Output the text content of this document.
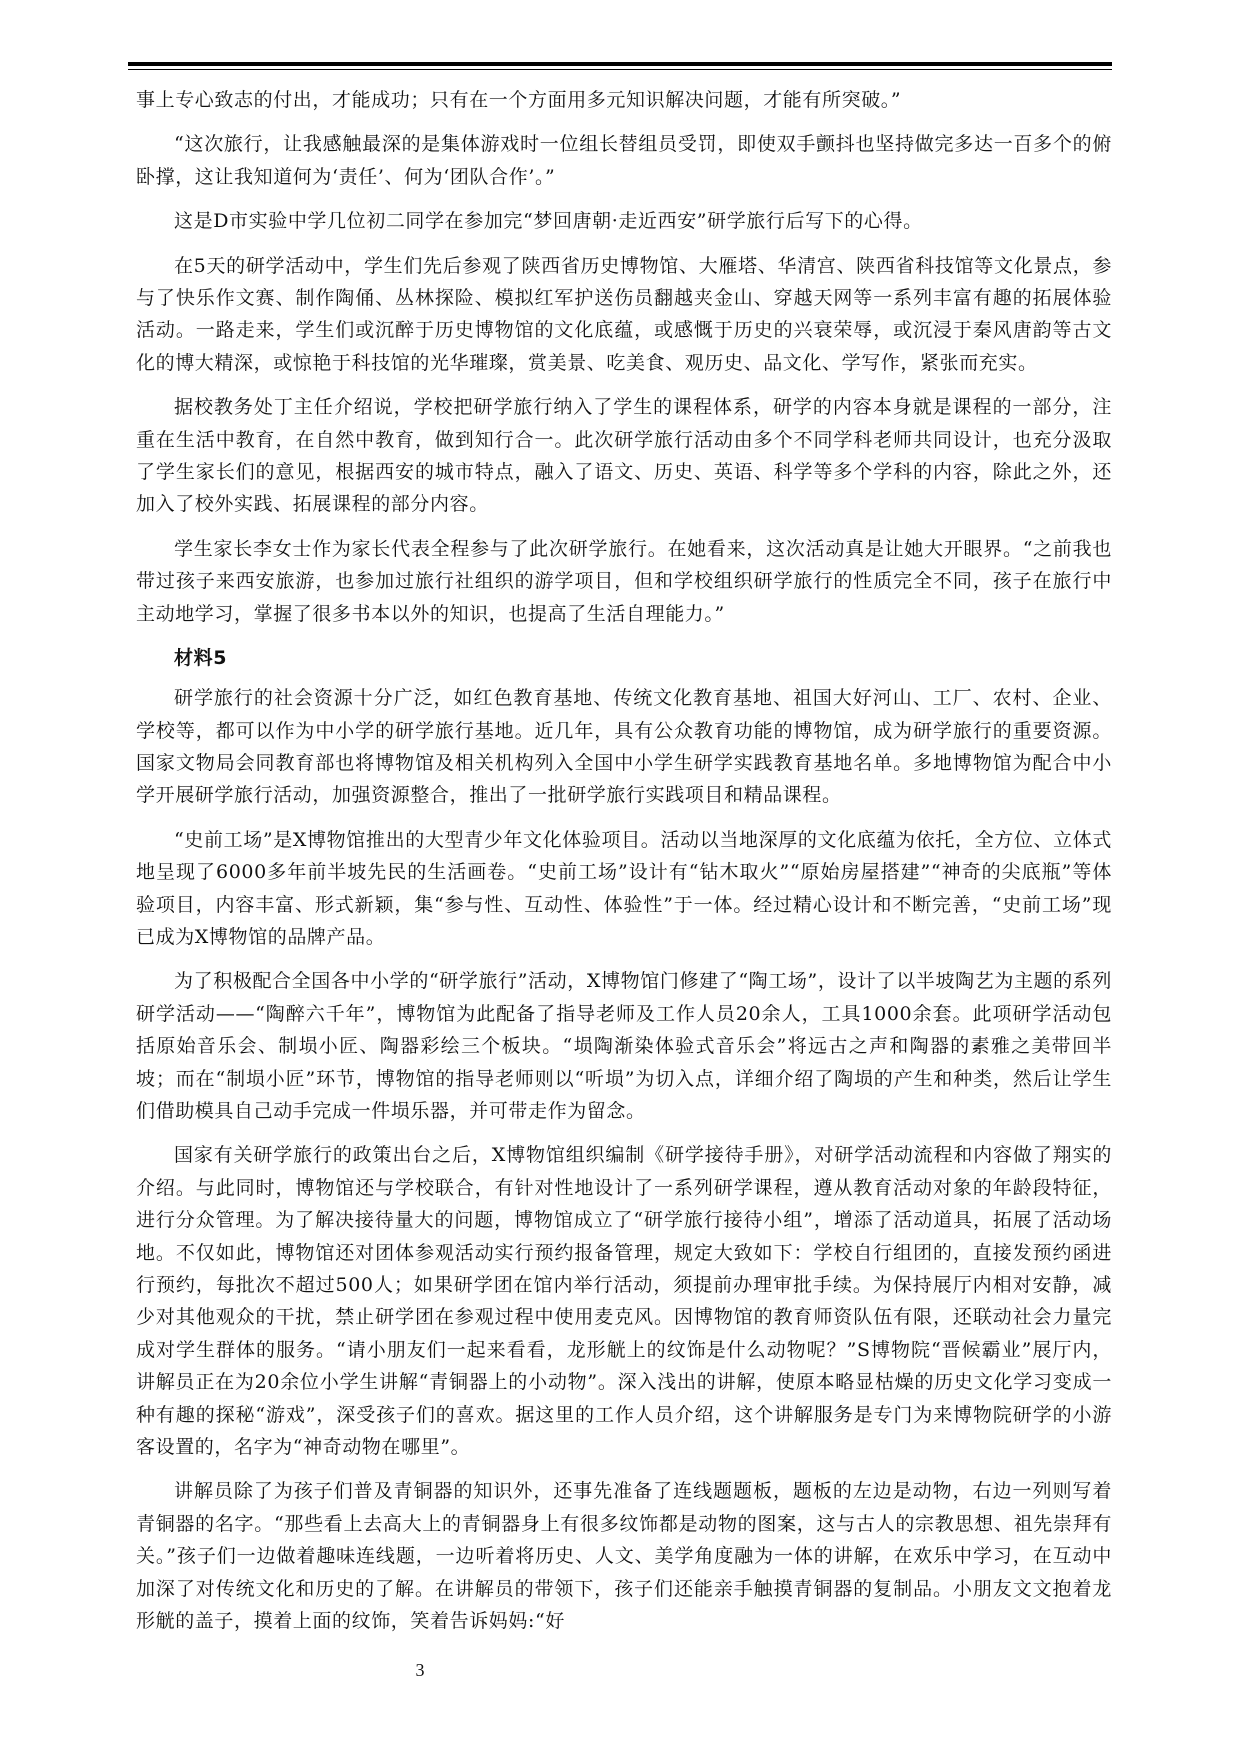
事上专心致志的付出，才能成功；只有在一个方面用多元知识解决问题，才能有所突破。”

“这次旅行，让我感触最深的是集体游戏时一位组长替组员受罚，即使双手颤抖也坚持做完多达一百多个的俯卧撑，这让我知道何为‘责任’、何为‘团队合作’。”

这是D市实验中学几位初二同学在参加完“梦回唐朝·走近西安”研学旅行后写下的心得。

在5天的研学活动中，学生们先后参观了陕西省历史博物馆、大雁塔、华清宫、陕西省科技馆等文化景点，参与了快乐作文赛、制作陶俑、丛林探险、模拟红军护送伤员翻越夹金山、穿越天网等一系列丰富有趣的拓展体验活动。一路走来，学生们或沉醉于历史博物馆的文化底蕴，或感慨于历史的兴衰荣辱，或沉浸于秦风唐韵等古文化的博大精深，或惊艳于科技馆的光华璀璨，赏美景、吃美食、观历史、品文化、学写作，紧张而充实。

据校教务处丁主任介绍说，学校把研学旅行纳入了学生的课程体系，研学的内容本身就是课程的一部分，注重在生活中教育，在自然中教育，做到知行合一。此次研学旅行活动由多个不同学科老师共同设计，也充分汲取了学生家长们的意见，根据西安的城市特点，融入了语文、历史、英语、科学等多个学科的内容，除此之外，还加入了校外实践、拓展课程的部分内容。

学生家长李女士作为家长代表全程参与了此次研学旅行。在她看来，这次活动真是让她大开眼界。“之前我也带过孩子来西安旅游，也参加过旅行社组织的游学项目，但和学校组织研学旅行的性质完全不同，孩子在旅行中主动地学习，掌握了很多书本以外的知识，也提高了生活自理能力。”

材料5

研学旅行的社会资源十分广泛，如红色教育基地、传统文化教育基地、祖国大好河山、工厂、农村、企业、学校等，都可以作为中小学的研学旅行基地。近几年，具有公众教育功能的博物馆，成为研学旅行的重要资源。国家文物局会同教育部也将博物馆及相关机构列入全国中小学生研学实践教育基地名单。多地博物馆为配合中小学开展研学旅行活动，加强资源整合，推出了一批研学旅行实践项目和精品课程。

“史前工场”是X博物馆推出的大型青少年文化体验项目。活动以当地深厚的文化底蕴为依托，全方位、立体式地呈现了6000多年前半坡先民的生活画卷。“史前工场”设计有“钻木取火”“原始房屋搭建”“神奇的尖底瓶”等体验项目，内容丰富、形式新颖，集“参与性、互动性、体验性”于一体。经过精心设计和不断完善，“史前工场”现已成为X博物馆的品牌产品。

为了积极配合全国各中小学的“研学旅行”活动，X博物馆门修建了“陶工场”，设计了以半坡陶艺为主题的系列研学活动——“陶醉六千年”，博物馆为此配备了指导老师及工作人员20余人，工具1000余套。此项研学活动包括原始音乐会、制埙小匠、陶器彩绘三个板块。“埙陶渐染体验式音乐会”将远古之声和陶器的素雅之美带回半坡；而在“制埙小匠”环节，博物馆的指导老师则以“听埙”为切入点，详细介绍了陶埙的产生和种类，然后让学生们借助模具自己动手完成一件埙乐器，并可带走作为留念。

国家有关研学旅行的政策出台之后，X博物馆组织编制《研学接待手册》，对研学活动流程和内容做了翔实的介绍。与此同时，博物馆还与学校联合，有针对性地设计了一系列研学课程，遵从教育活动对象的年龄段特征，进行分众管理。为了解决接待量大的问题，博物馆成立了“研学旅行接待小组”，增添了活动道具，拓展了活动场地。不仅如此，博物馆还对团体参观活动实行预约报备管理，规定大致如下：学校自行组团的，直接发预约函进行预约，每批次不超过500人；如果研学团在馆内举行活动，须提前办理审批手续。为保持展厅内相对安静，减少对其他观众的干扰，禁止研学团在参观过程中使用麦克风。因博物馆的教育师资队伍有限，还联动社会力量完成对学生群体的服务。“请小朋友们一起来看看，龙形觥上的纹饰是什么动物呢？”S博物院“晋候霸业”展厅内，讲解员正在为20余位小学生讲解“青铜器上的小动物”。深入浅出的讲解，使原本略显枯燥的历史文化学习变成一种有趣的探秘“游戏”，深受孩子们的喜欢。据这里的工作人员介绍，这个讲解服务是专门为来博物院研学的小游客设置的，名字为“神奇动物在哪里”。

讲解员除了为孩子们普及青铜器的知识外，还事先准备了连线题题板，题板的左边是动物，右边一列则写着青铜器的名字。“那些看上去高大上的青铜器身上有很多纹饰都是动物的图案，这与古人的宗教思想、祖先崇拜有关。”孩子们一边做着趣味连线题，一边听着将历史、人文、美学角度融为一体的讲解，在欢乐中学习，在互动中加深了对传统文化和历史的了解。在讲解员的带领下，孩子们还能亲手触摸青铜器的复制品。小朋友文文抱着龙形觥的盖子，摸着上面的纹饰，笑着告诉妈妈:“好

3
